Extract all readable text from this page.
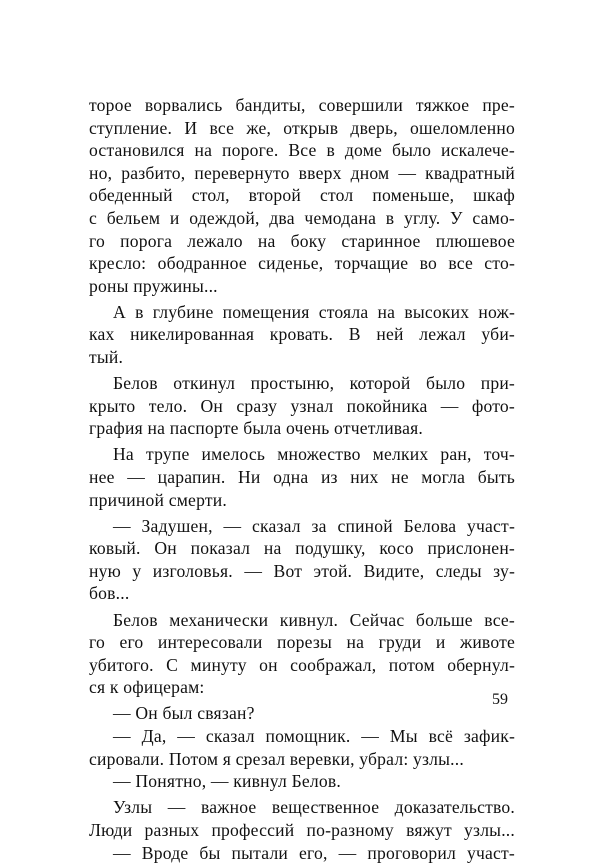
торое ворвались бандиты, совершили тяжкое пре-
ступление. И все же, открыв дверь, ошеломленно
остановился на пороге. Все в доме было искалече-
но, разбито, перевернуто вверх дном — квадратный
обеденный стол, второй стол поменьше, шкаф
с бельем и одеждой, два чемодана в углу. У само-
го порога лежало на боку старинное плюшевое
кресло: ободранное сиденье, торчащие во все сто-
роны пружины...
А в глубине помещения стояла на высоких нож-
ках никелированная кровать. В ней лежал уби-
тый.
Белов откинул простыню, которой было при-
крыто тело. Он сразу узнал покойника — фото-
графия на паспорте была очень отчетливая.
На трупе имелось множество мелких ран, точ-
нее — царапин. Ни одна из них не могла быть
причиной смерти.
— Задушен, — сказал за спиной Белова участ-
ковый. Он показал на подушку, косо прислонен-
ную у изголовья. — Вот этой. Видите, следы зу-
бов...
Белов механически кивнул. Сейчас больше все-
го его интересовали порезы на груди и животе
убитого. С минуту он соображал, потом обернул-
ся к офицерам:
— Он был связан?
— Да, — сказал помощник. — Мы всё зафик-
сировали. Потом я срезал веревки, убрал: узлы...
— Понятно, — кивнул Белов.
Узлы — важное вещественное доказательство.
Люди разных профессий по-разному вяжут узлы...
— Вроде бы пытали его, — проговорил участ-
59
